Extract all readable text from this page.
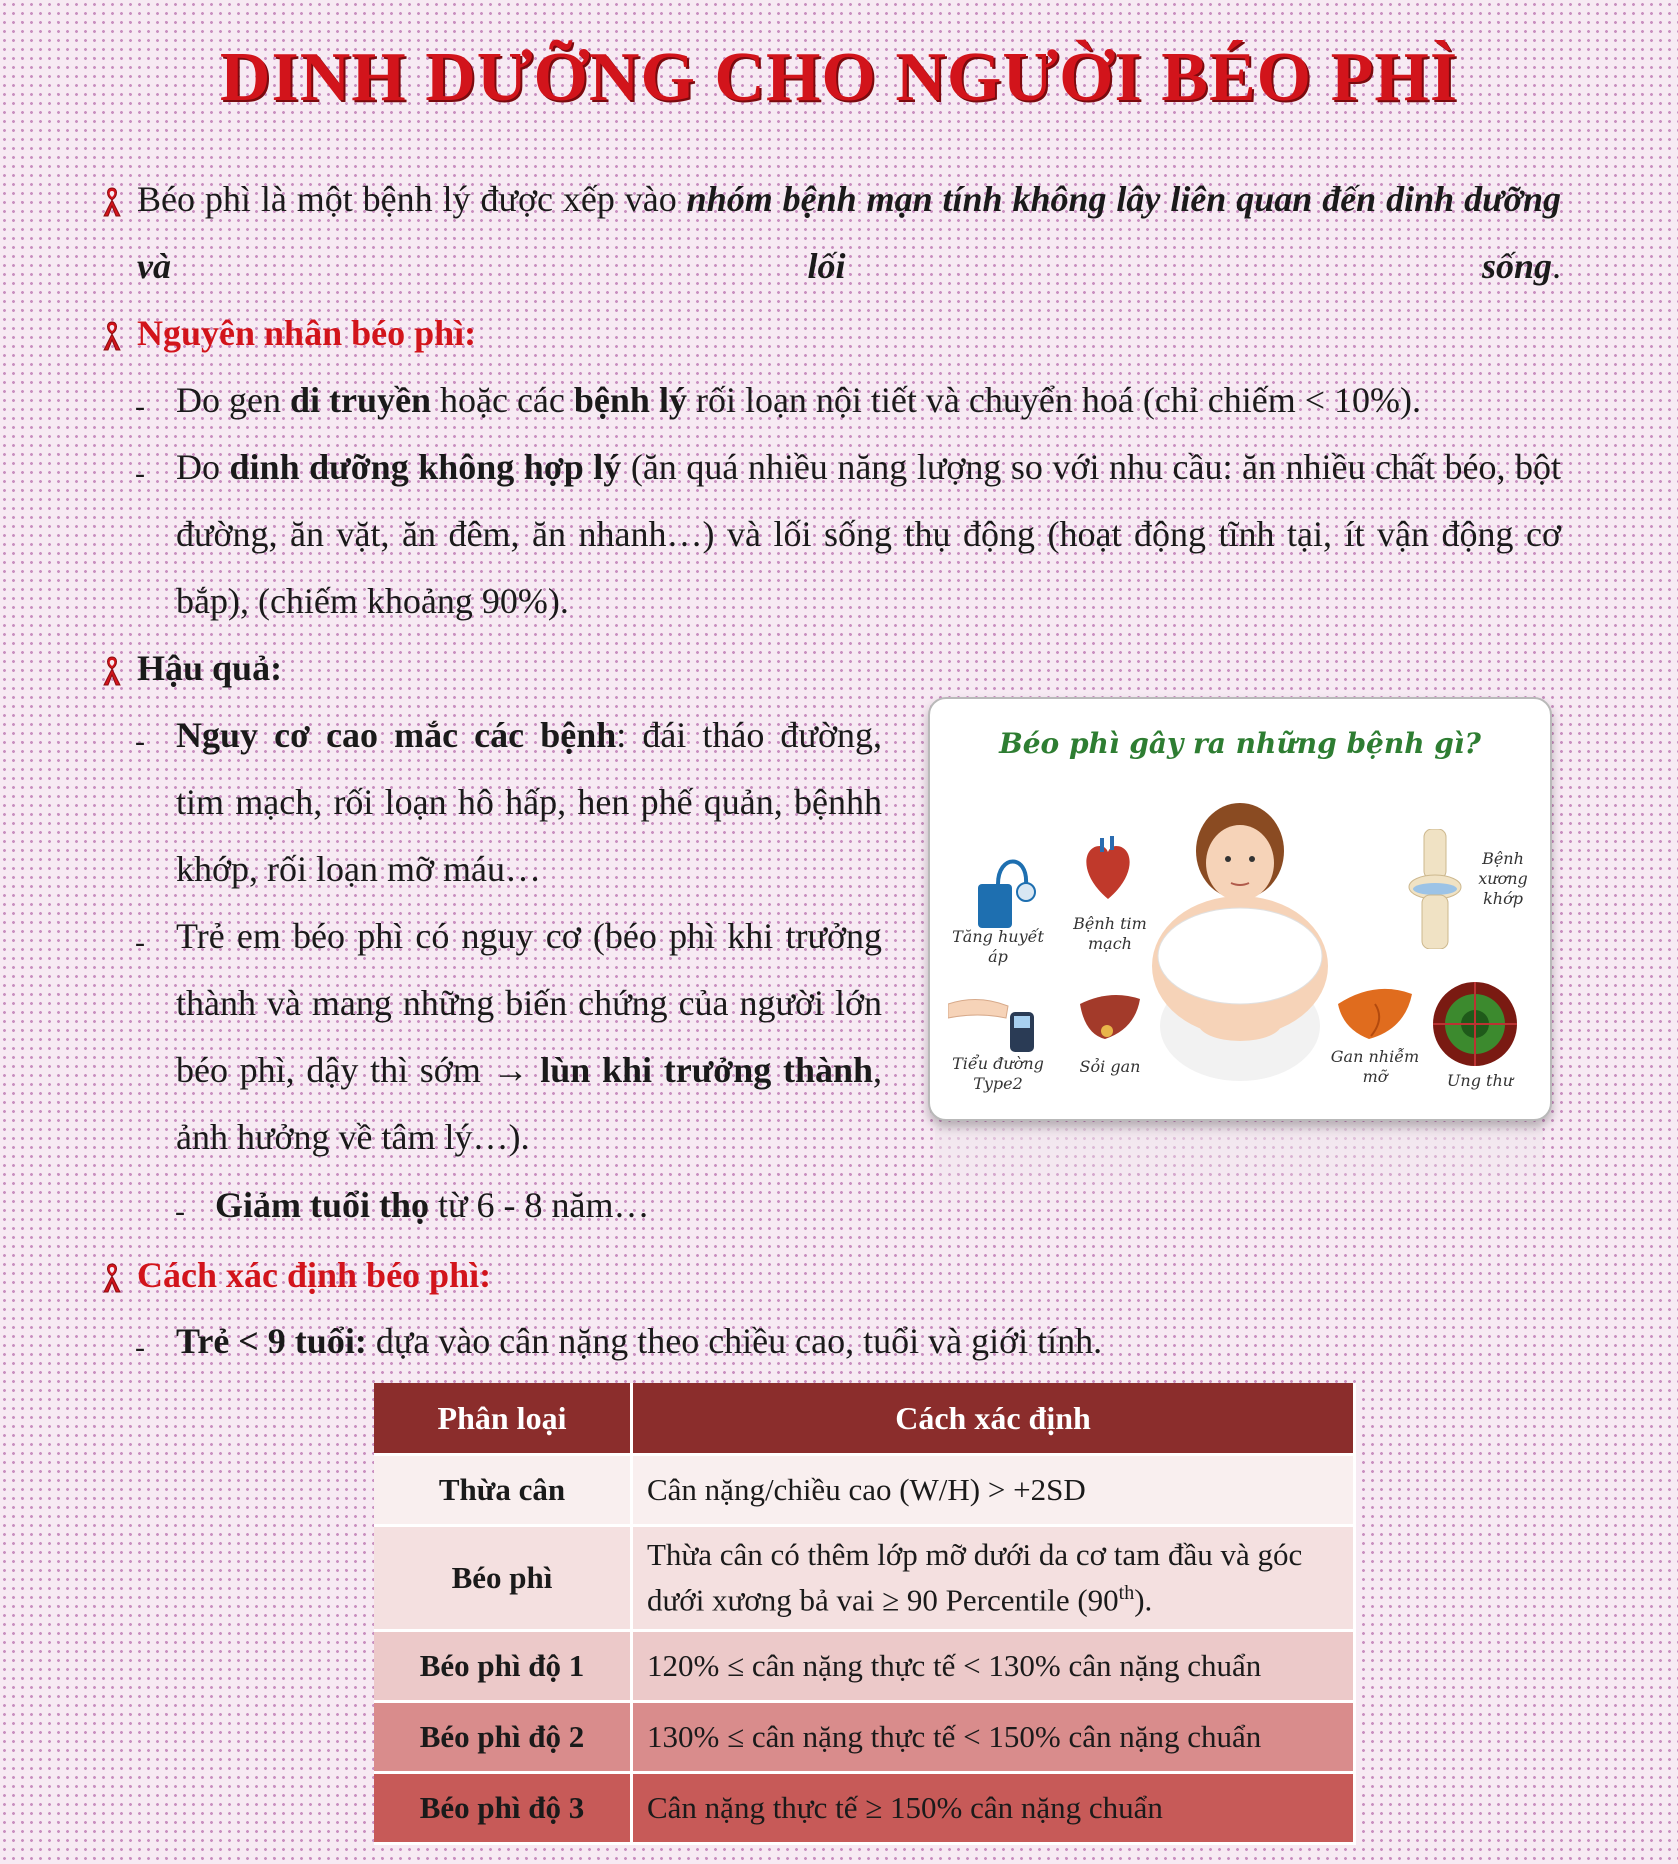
DINH DƯỠNG CHO NGƯỜI BÉO PHÌ
Béo phì là một bệnh lý được xếp vào nhóm bệnh mạn tính không lây liên quan đến dinh dưỡng và lối sống.
Nguyên nhân béo phì:
- Do gen di truyền hoặc các bệnh lý rối loạn nội tiết và chuyển hoá (chỉ chiếm < 10%).
- Do dinh dưỡng không hợp lý (ăn quá nhiều năng lượng so với nhu cầu: ăn nhiều chất béo, bột đường, ăn vặt, ăn đêm, ăn nhanh…) và lối sống thụ động (hoạt động tĩnh tại, ít vận động cơ bắp), (chiếm khoảng 90%).
Hậu quả:
- Nguy cơ cao mắc các bệnh: đái tháo đường, tim mạch, rối loạn hô hấp, hen phế quản, bệnhh khớp, rối loạn mỡ máu…
- Trẻ em béo phì có nguy cơ (béo phì khi trưởng thành và mang những biến chứng của người lớn béo phì, dậy thì sớm → lùn khi trưởng thành, ảnh hưởng về tâm lý…).
- Giảm tuổi thọ từ 6 - 8 năm…
Béo phì gây ra những bệnh gì?
Tăng huyết áp
Bệnh tim mạch
Bệnh xương khớp
Tiểu đường Type2
Sỏi gan
Gan nhiễm mỡ	Ung thư
Cách xác định béo phì:
- Trẻ < 9 tuổi: dựa vào cân nặng theo chiều cao, tuổi và giới tính.
Phân loại	Cách xác định
Thừa cân	Cân nặng/chiều cao (W/H) > +2SD
Béo phì	Thừa cân có thêm lớp mỡ dưới da cơ tam đầu và góc dưới xương bả vai ≥ 90 Percentile (90th).
Béo phì độ 1	120% ≤ cân nặng thực tế < 130% cân nặng chuẩn
Béo phì độ 2	130% ≤ cân nặng thực tế < 150% cân nặng chuẩn
Béo phì độ 3	Cân nặng thực tế ≥ 150% cân nặng chuẩn
